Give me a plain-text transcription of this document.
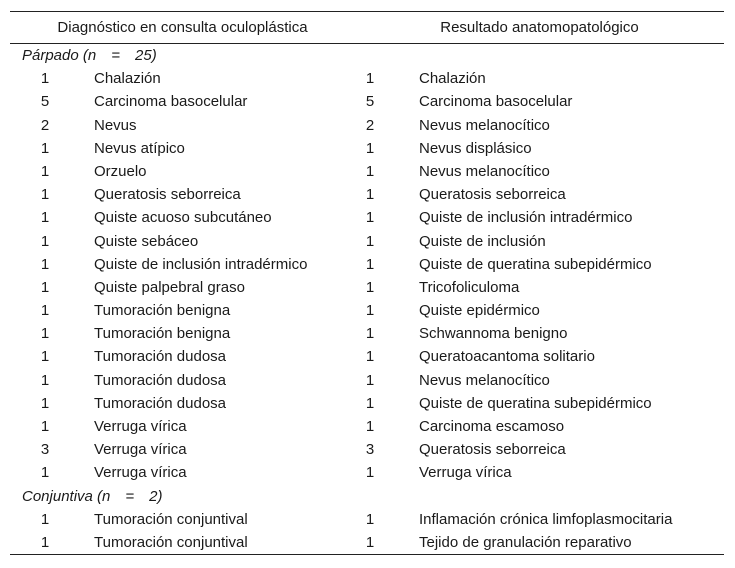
Diagnóstico en consulta oculoplástica	Resultado anatomopatológico
Párpado (n     =     25)
1	Chalazión	1	Chalazión
5	Carcinoma basocelular	5	Carcinoma basocelular
2	Nevus	2	Nevus melanocítico
1	Nevus atípico	1	Nevus displásico
1	Orzuelo	1	Nevus melanocítico
1	Queratosis seborreica	1	Queratosis seborreica
1	Quiste acuoso subcutáneo	1	Quiste de inclusión intradérmico
1	Quiste sebáceo	1	Quiste de inclusión
1	Quiste de inclusión intradérmico	1	Quiste de queratina subepidérmico
1	Quiste palpebral graso	1	Tricofoliculoma
1	Tumoración benigna	1	Quiste epidérmico
1	Tumoración benigna	1	Schwannoma benigno
1	Tumoración dudosa	1	Queratoacantoma solitario
1	Tumoración dudosa	1	Nevus melanocítico
1	Tumoración dudosa	1	Quiste de queratina subepidérmico
1	Verruga vírica	1	Carcinoma escamoso
3	Verruga vírica	3	Queratosis seborreica
1	Verruga vírica	1	Verruga vírica
Conjuntiva (n     =     2)
1	Tumoración conjuntival	1	Inflamación crónica limfoplasmocitaria
1	Tumoración conjuntival	1	Tejido de granulación reparativo
